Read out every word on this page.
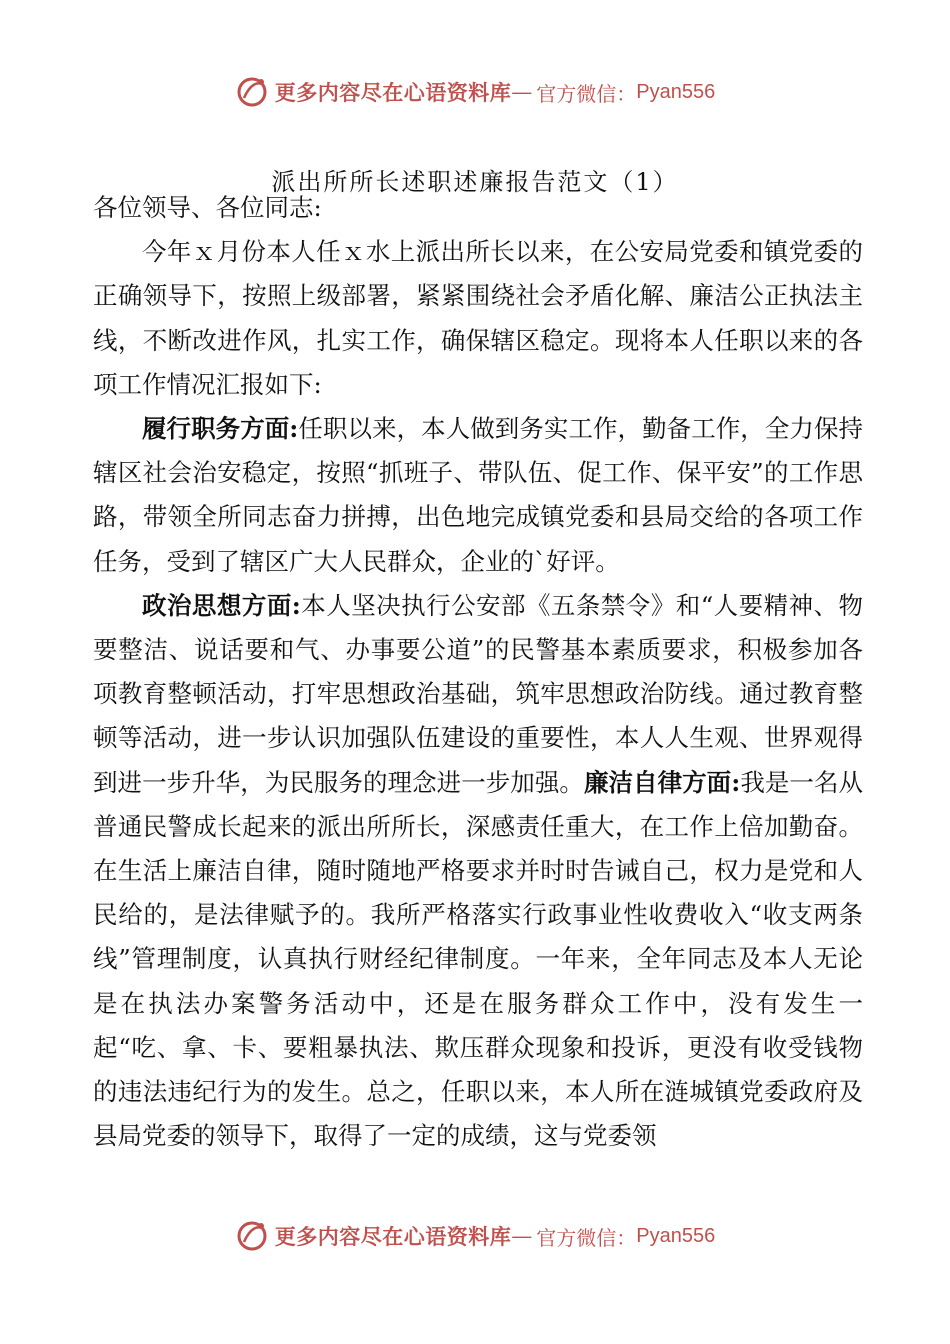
更多内容尽在心语资料库 — 官方微信： Pyan556
派出所所长述职述廉报告范文（1）

各位领导、各位同志:

今年ｘ月份本人任ｘ水上派出所长以来，在公安局党委和镇党委的正确领导下，按照上级部署，紧紧围绕社会矛盾化解、廉洁公正执法主线，不断改进作风，扎实工作，确保辖区稳定。现将本人任职以来的各项工作情况汇报如下:

履行职务方面:任职以来，本人做到务实工作，勤备工作，全力保持辖区社会治安稳定，按照“抓班子、带队伍、促工作、保平安”的工作思路，带领全所同志奋力拼搏，出色地完成镇党委和县局交给的各项工作任务，受到了辖区广大人民群众，企业的`好评。

政治思想方面:本人坚决执行公安部《五条禁令》和“人要精神、物要整洁、说话要和气、办事要公道”的民警基本素质要求，积极参加各项教育整顿活动，打牢思想政治基础，筑牢思想政治防线。通过教育整顿等活动，进一步认识加强队伍建设的重要性，本人人生观、世界观得到进一步升华，为民服务的理念进一步加强。廉洁自律方面:我是一名从普通民警成长起来的派出所所长，深感责任重大，在工作上倍加勤奋。在生活上廉洁自律，随时随地严格要求并时时告诫自己，权力是党和人民给的，是法律赋予的。我所严格落实行政事业性收费收入“收支两条线”管理制度，认真执行财经纪律制度。一年来，全年同志及本人无论是在执法办案警务活动中，还是在服务群众工作中，没有发生一起“吃、拿、卡、要粗暴执法、欺压群众现象和投诉，更没有收受钱物的违法违纪行为的发生。总之，任职以来，本人所在涟城镇党委政府及县局党委的领导下，取得了一定的成绩，这与党委领

更多内容尽在心语资料库 — 官方微信： Pyan556
